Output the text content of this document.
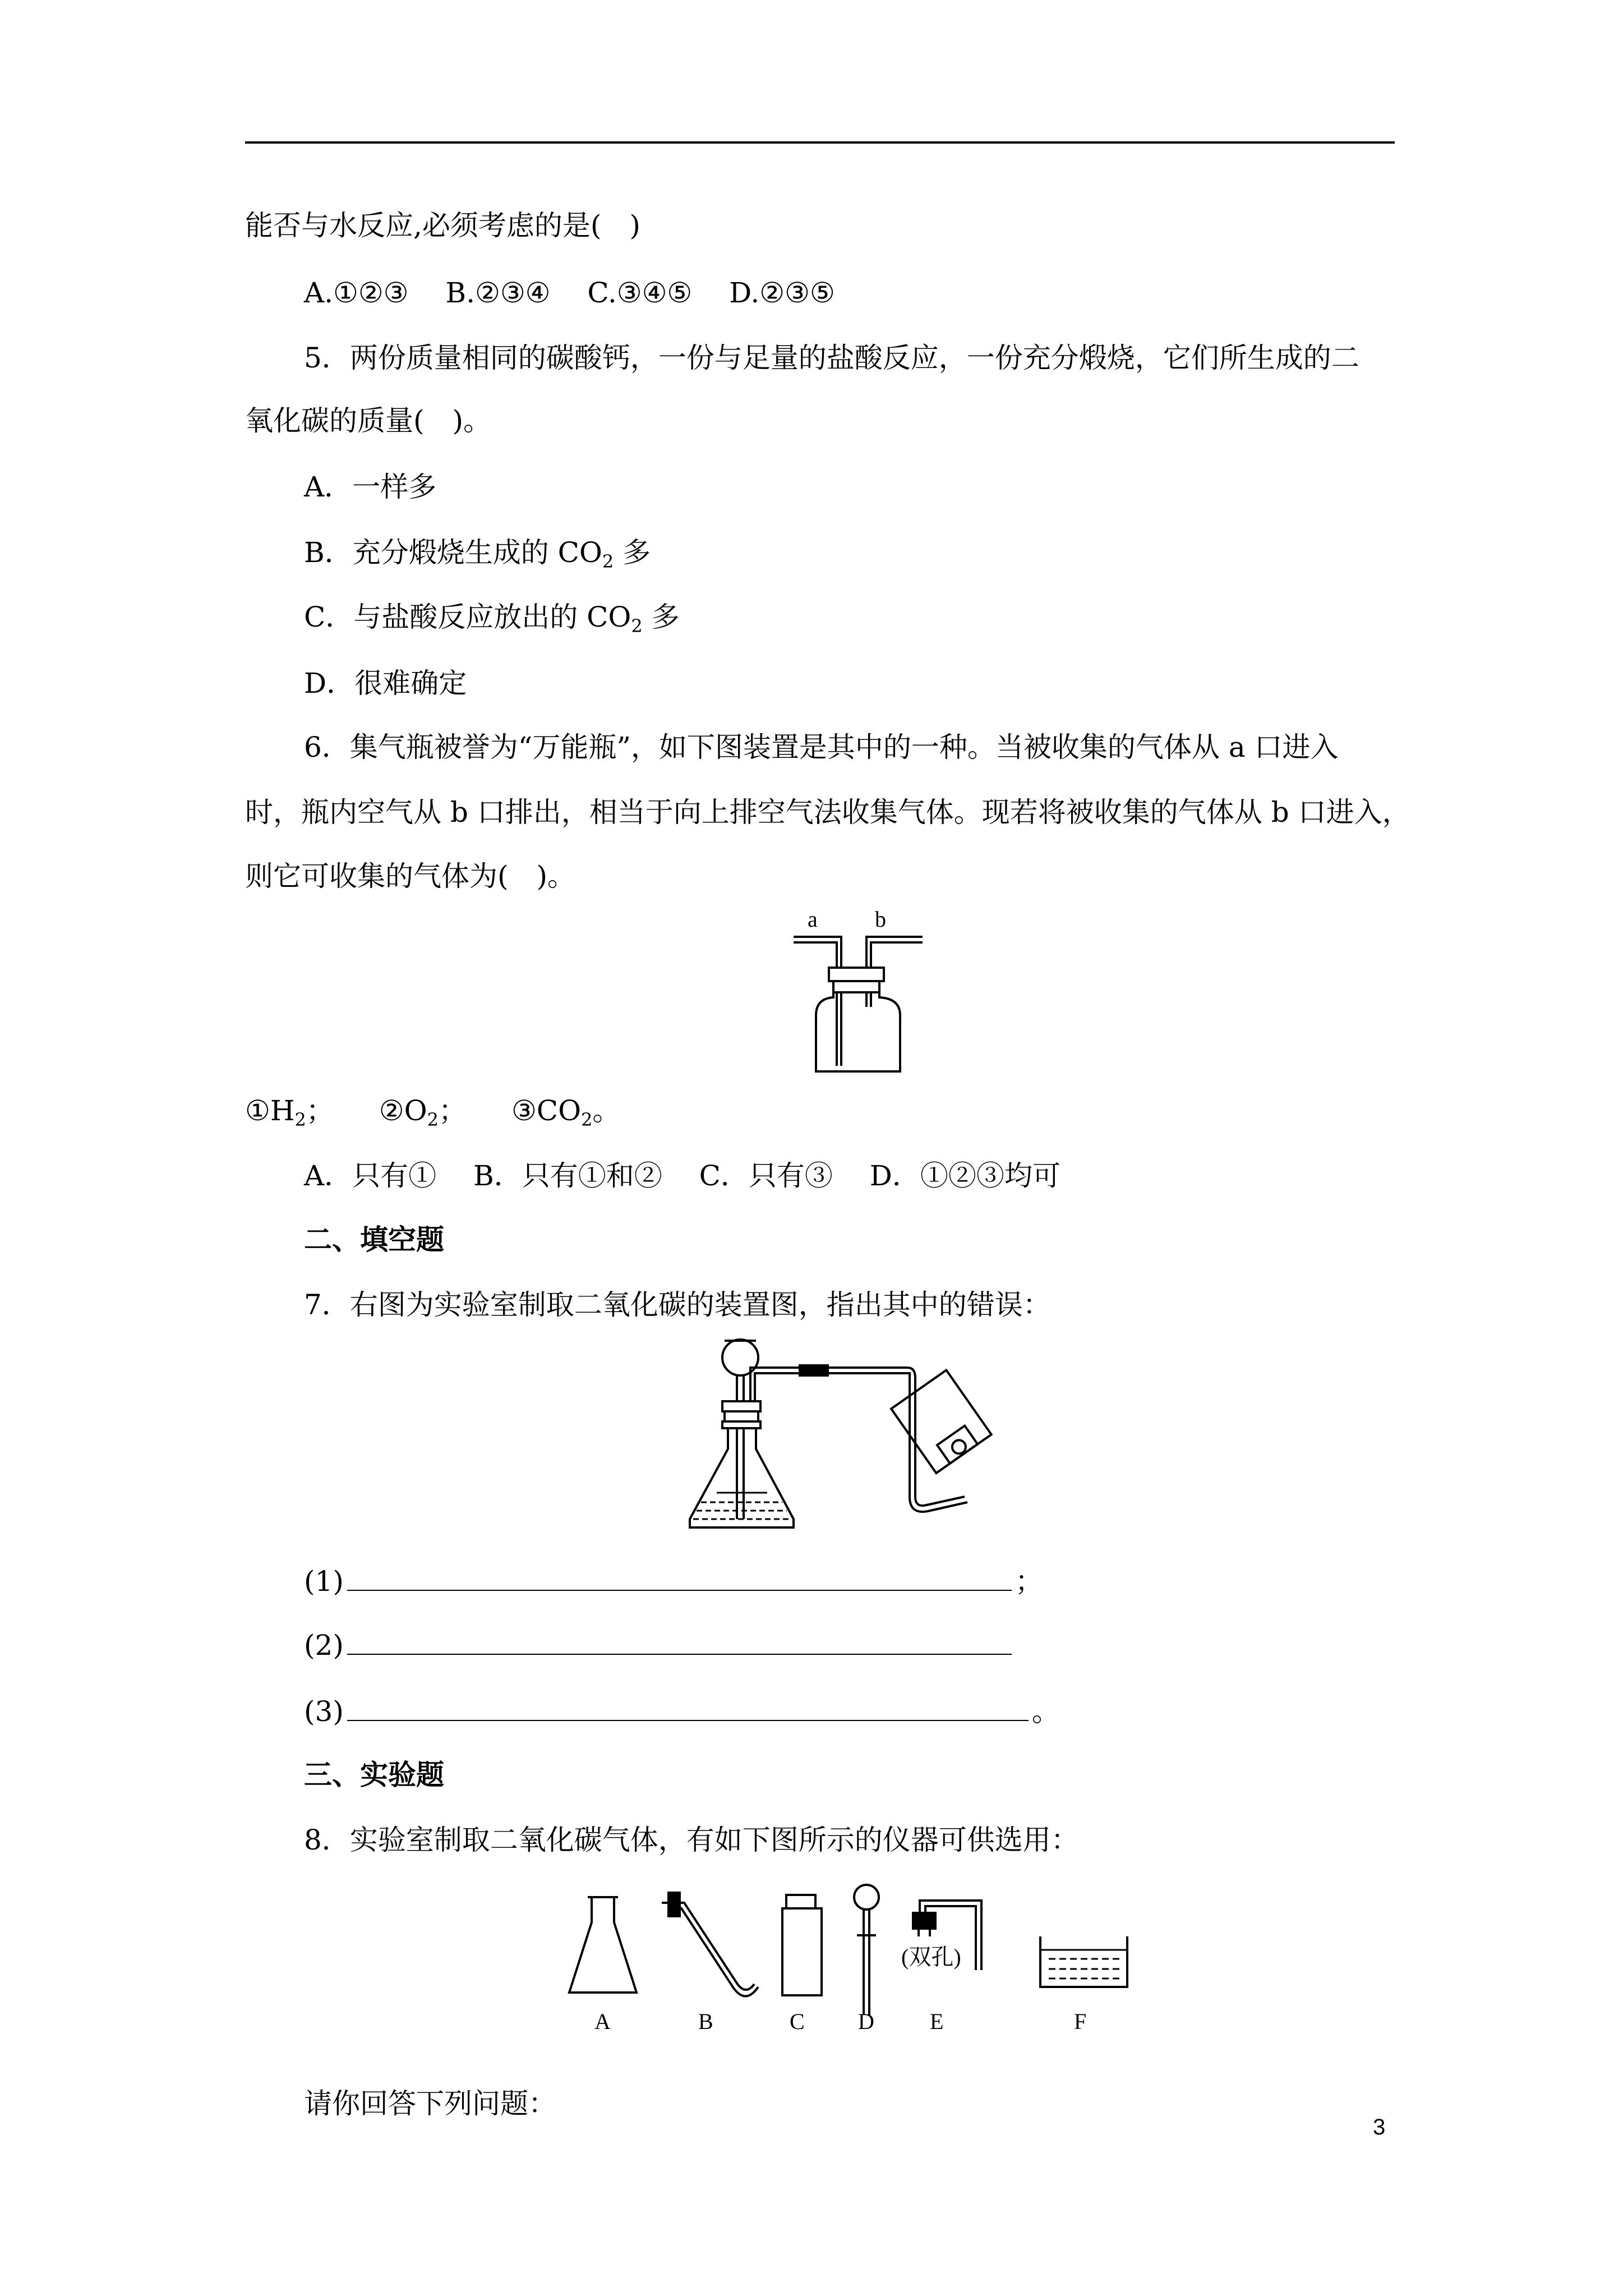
能否与水反应,必须考虑的是(　)
A.①②③　 B.②③④　 C.③④⑤　 D.②③⑤
5．两份质量相同的碳酸钙，一份与足量的盐酸反应，一份充分煅烧，它们所生成的二
氧化碳的质量(　)。
A．一样多
B．充分煅烧生成的 $CO_2$ 多
C．与盐酸反应放出的 $CO_2$ 多
D．很难确定
6．集气瓶被誉为“万能瓶”，如下图装置是其中的一种。当被收集的气体从 a 口进入
时，瓶内空气从 b 口排出，相当于向上排空气法收集气体。现若将被收集的气体从 b 口进入，
则它可收集的气体为(　)。
a	b
$①H_2$； $②O_2$； $③CO_2$。
A．只有①　 B．只有①和②　 C．只有③　 D．①②③均可
二、填空题
7．右图为实验室制取二氧化碳的装置图，指出其中的错误：
(1)	；
(2)
(3)	。
三、实验题
8．实验室制取二氧化碳气体，有如下图所示的仪器可供选用：
(双孔)
A	B	C D E	F
请你回答下列问题：
3
